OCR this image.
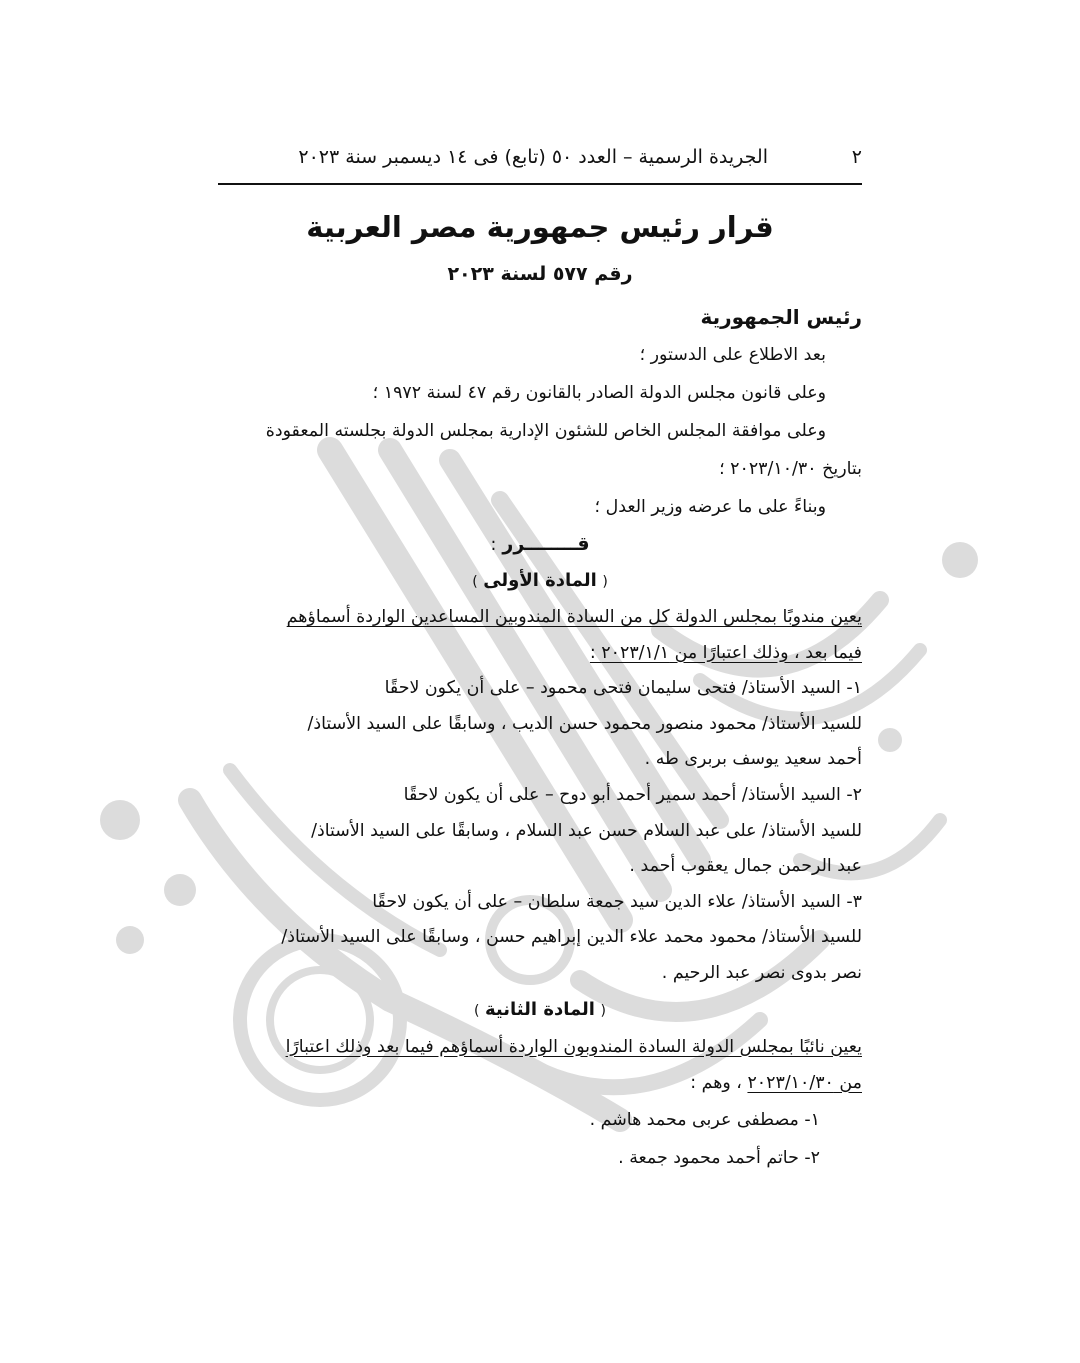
٢
الجريدة الرسمية – العدد ٥٠ (تابع) فى ١٤ ديسمبر سنة ٢٠٢٣
قرار رئيس جمهورية مصر العربية
رقم ٥٧٧ لسنة ٢٠٢٣

رئيس الجمهورية

بعد الاطلاع على الدستور ؛

وعلى قانون مجلس الدولة الصادر بالقانون رقم ٤٧ لسنة ١٩٧٢ ؛

وعلى موافقة المجلس الخاص للشئون الإدارية بمجلس الدولة بجلسته المعقودة

بتاريخ ٢٠٢٣/١٠/٣٠ ؛

وبناءً على ما عرضه وزير العدل ؛

قــــــــرر :

( المادة الأولى )

يعين مندوبًا بمجلس الدولة كل من السادة المندوبين المساعدين الواردة أسماؤهم

فيما بعد ، وذلك اعتبارًا من ٢٠٢٣/١/١ :

١- السيد الأستاذ/ فتحى سليمان فتحى محمود – على أن يكون لاحقًا

للسيد الأستاذ/ محمود منصور محمود حسن الديب ، وسابقًا على السيد الأستاذ/

أحمد سعيد يوسف بربرى طه .

٢- السيد الأستاذ/ أحمد سمير أحمد أبو دوح – على أن يكون لاحقًا

للسيد الأستاذ/ على عبد السلام حسن عبد السلام ، وسابقًا على السيد الأستاذ/

عبد الرحمن جمال يعقوب أحمد .

٣- السيد الأستاذ/ علاء الدين سيد جمعة سلطان – على أن يكون لاحقًا

للسيد الأستاذ/ محمود محمد علاء الدين إبراهيم حسن ، وسابقًا على السيد الأستاذ/

نصر بدوى نصر عبد الرحيم .

( المادة الثانية )

يعين نائبًا بمجلس الدولة السادة المندوبون الواردة أسماؤهم فيما بعد وذلك اعتبارًا

من ٢٠٢٣/١٠/٣٠ ، وهم :

١- مصطفى عربى محمد هاشم .

٢- حاتم أحمد محمود جمعة .
